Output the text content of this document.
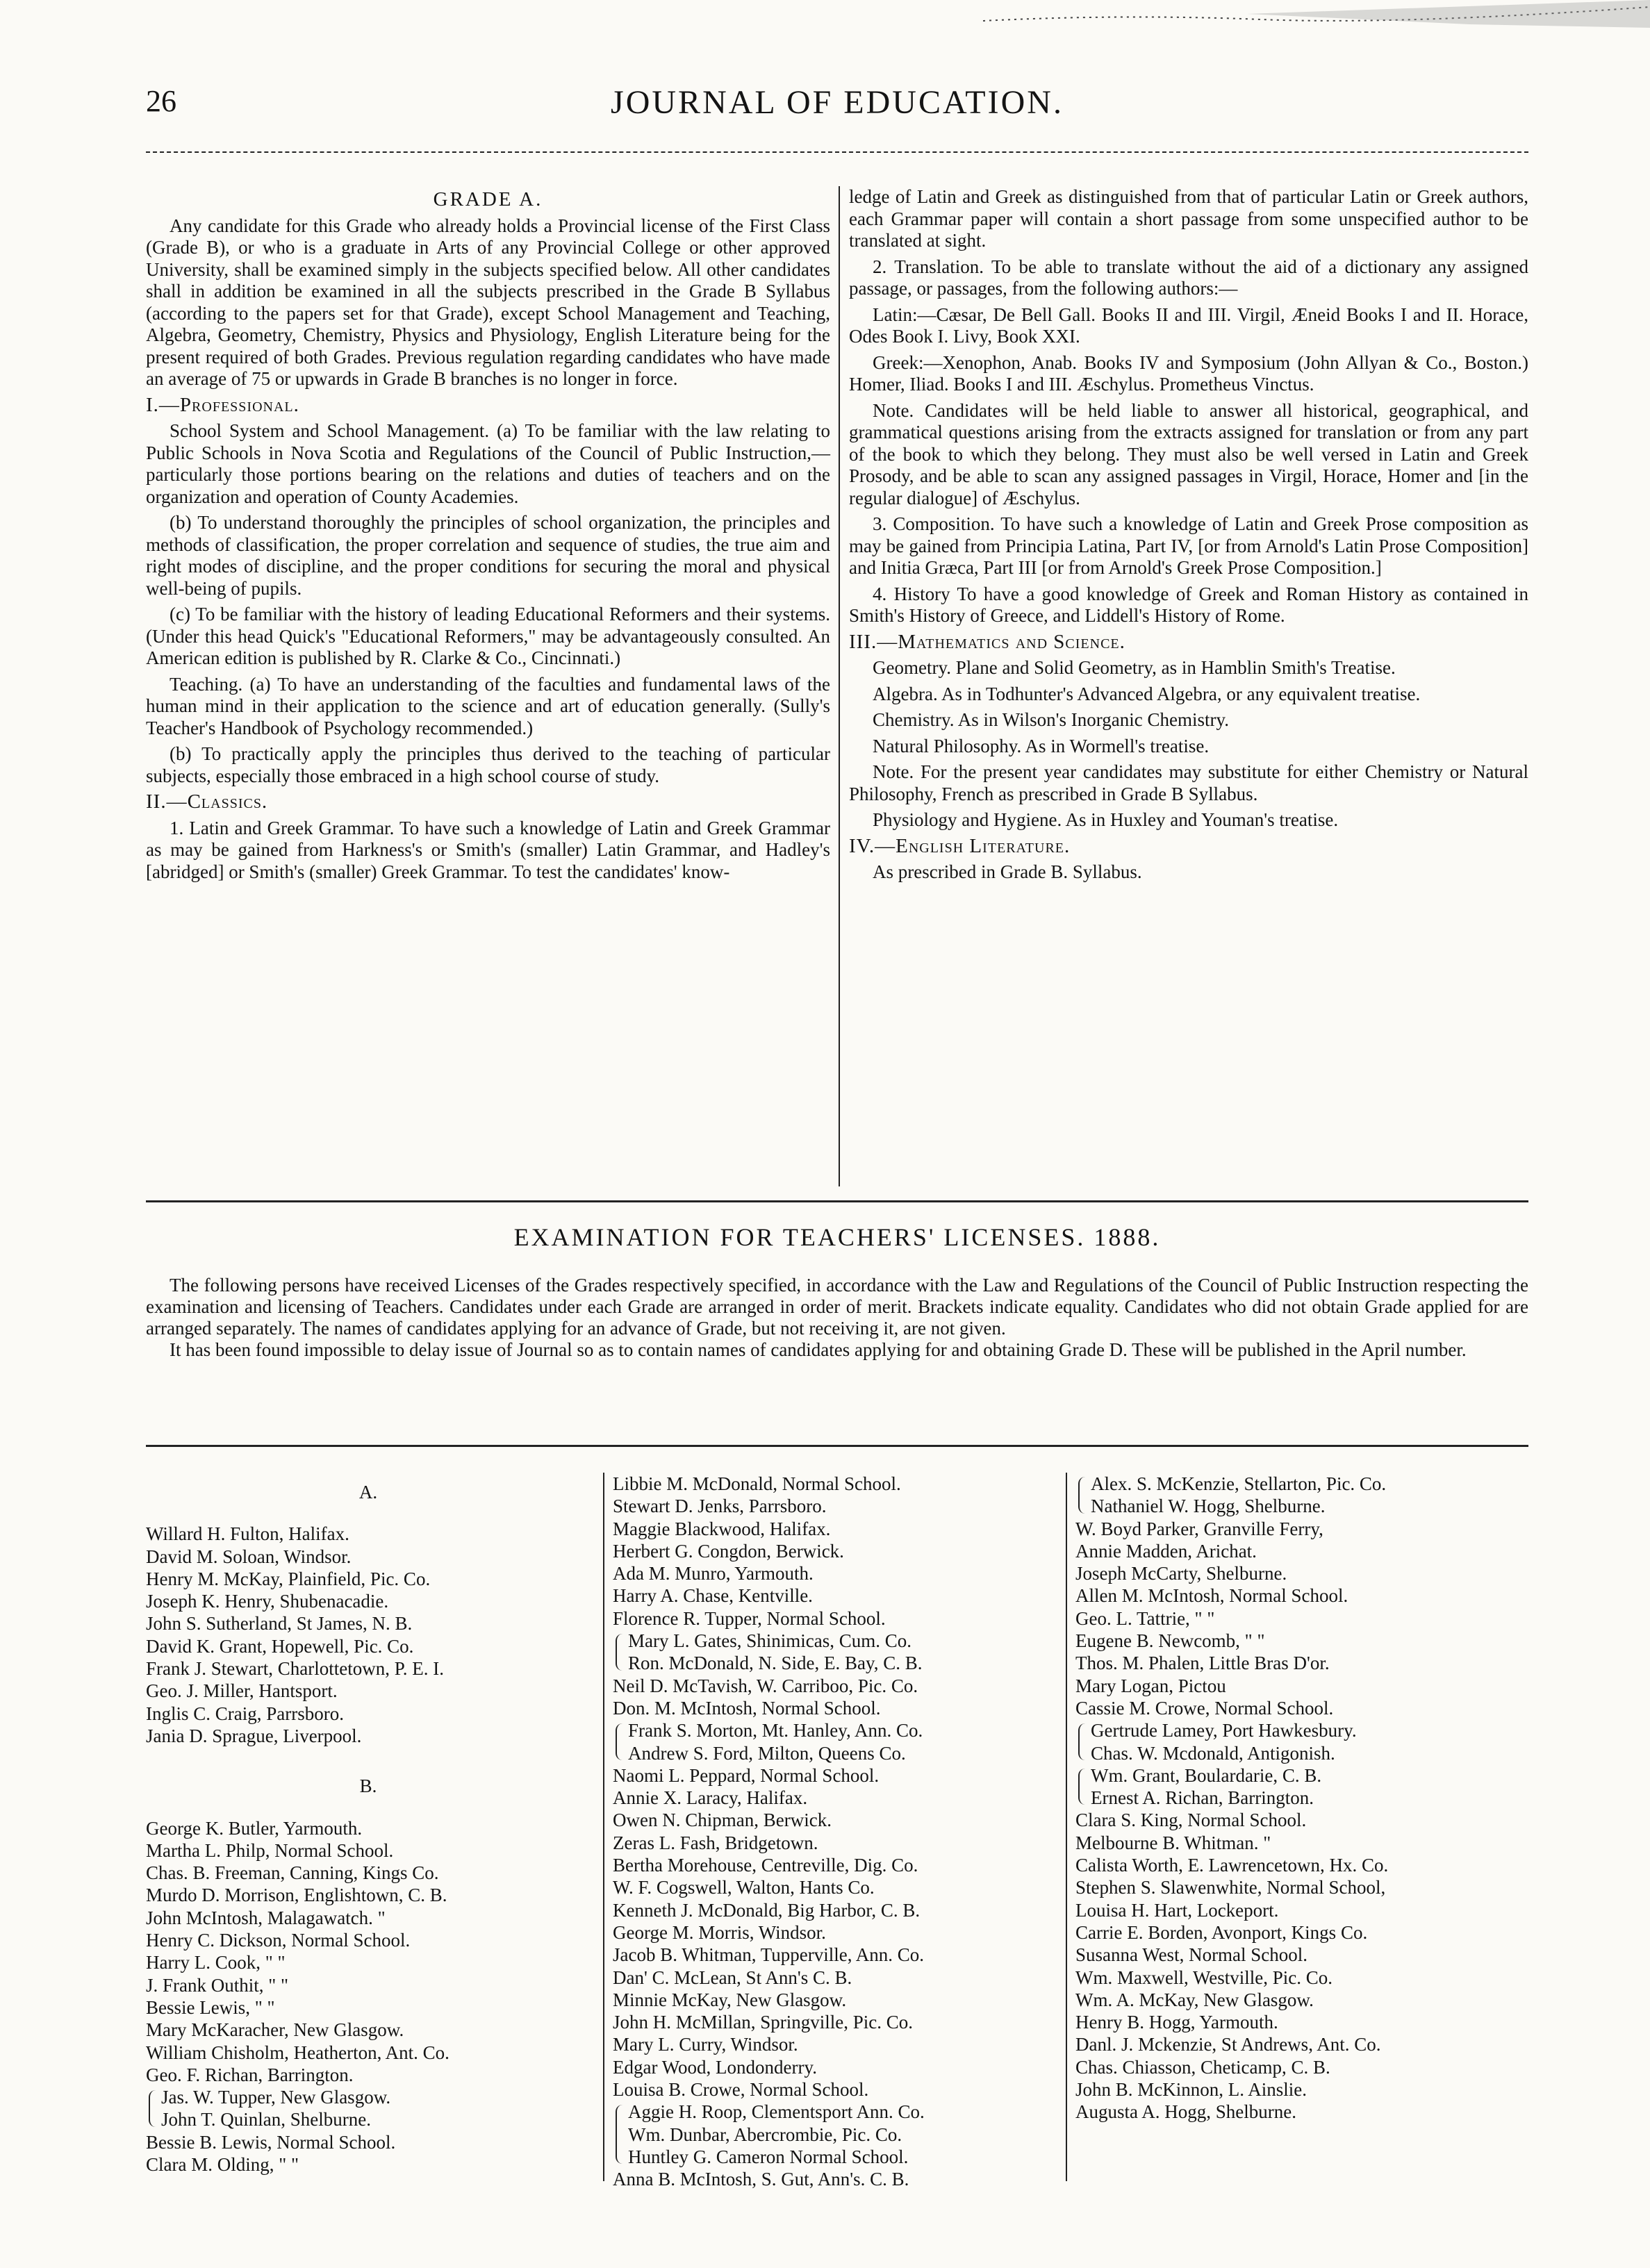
26	JOURNAL OF EDUCATION.
GRADE A.

Any candidate for this Grade who already holds a Provincial license of the First Class (Grade B), or who is a graduate in Arts of any Provincial College or other approved University, shall be examined simply in the subjects specified below. All other candidates shall in addition be examined in all the subjects prescribed in the Grade B Syllabus (according to the papers set for that Grade), except School Management and Teaching, Algebra, Geometry, Chemistry, Physics and Physiology, English Literature being for the present required of both Grades. Previous regulation regarding candidates who have made an average of 75 or upwards in Grade B branches is no longer in force.

I.—Professional.

School System and School Management. (a) To be familiar with the law relating to Public Schools in Nova Scotia and Regulations of the Council of Public Instruction,—particularly those portions bearing on the relations and duties of teachers and on the organization and operation of County Academies.

(b) To understand thoroughly the principles of school organization, the principles and methods of classification, the proper correlation and sequence of studies, the true aim and right modes of discipline, and the proper conditions for securing the moral and physical well-being of pupils.

(c) To be familiar with the history of leading Educational Reformers and their systems. (Under this head Quick's "Educational Reformers," may be advantageously consulted. An American edition is published by R. Clarke & Co., Cincinnati.)

Teaching. (a) To have an understanding of the faculties and fundamental laws of the human mind in their application to the science and art of education generally. (Sully's Teacher's Handbook of Psychology recommended.)

(b) To practically apply the principles thus derived to the teaching of particular subjects, especially those embraced in a high school course of study.

II.—Classics.

1. Latin and Greek Grammar. To have such a knowledge of Latin and Greek Grammar as may be gained from Harkness's or Smith's (smaller) Latin Grammar, and Hadley's [abridged] or Smith's (smaller) Greek Grammar. To test the candidates' know-

ledge of Latin and Greek as distinguished from that of particular Latin or Greek authors, each Grammar paper will contain a short passage from some unspecified author to be translated at sight.

2. Translation. To be able to translate without the aid of a dictionary any assigned passage, or passages, from the following authors:—

Latin:—Cæsar, De Bell Gall. Books II and III. Virgil, Æneid Books I and II. Horace, Odes Book I. Livy, Book XXI.

Greek:—Xenophon, Anab. Books IV and Symposium (John Allyan & Co., Boston.) Homer, Iliad. Books I and III. Æschylus. Prometheus Vinctus.

Note. Candidates will be held liable to answer all historical, geographical, and grammatical questions arising from the extracts assigned for translation or from any part of the book to which they belong. They must also be well versed in Latin and Greek Prosody, and be able to scan any assigned passages in Virgil, Horace, Homer and [in the regular dialogue] of Æschylus.

3. Composition. To have such a knowledge of Latin and Greek Prose composition as may be gained from Principia Latina, Part IV, [or from Arnold's Latin Prose Composition] and Initia Græca, Part III [or from Arnold's Greek Prose Composition.]

4. History To have a good knowledge of Greek and Roman History as contained in Smith's History of Greece, and Liddell's History of Rome.

III.—Mathematics and Science.

Geometry. Plane and Solid Geometry, as in Hamblin Smith's Treatise.

Algebra. As in Todhunter's Advanced Algebra, or any equivalent treatise.

Chemistry. As in Wilson's Inorganic Chemistry.

Natural Philosophy. As in Wormell's treatise.

Note. For the present year candidates may substitute for either Chemistry or Natural Philosophy, French as prescribed in Grade B Syllabus.

Physiology and Hygiene. As in Huxley and Youman's treatise.

IV.—English Literature.

As prescribed in Grade B. Syllabus.

EXAMINATION FOR TEACHERS' LICENSES. 1888.

The following persons have received Licenses of the Grades respectively specified, in accordance with the Law and Regulations of the Council of Public Instruction respecting the examination and licensing of Teachers. Candidates under each Grade are arranged in order of merit. Brackets indicate equality. Candidates who did not obtain Grade applied for are arranged separately. The names of candidates applying for an advance of Grade, but not receiving it, are not given.

It has been found impossible to delay issue of Journal so as to contain names of candidates applying for and obtaining Grade D. These will be published in the April number.

A.
Willard H. Fulton, Halifax.
David M. Soloan, Windsor.
Henry M. McKay, Plainfield, Pic. Co.
Joseph K. Henry, Shubenacadie.
John S. Sutherland, St James, N. B.
David K. Grant, Hopewell, Pic. Co.
Frank J. Stewart, Charlottetown, P. E. I.
Geo. J. Miller, Hantsport.
Inglis C. Craig, Parrsboro.
Jania D. Sprague, Liverpool.
B.
George K. Butler, Yarmouth.
Martha L. Philp, Normal School.
Chas. B. Freeman, Canning, Kings Co.
Murdo D. Morrison, Englishtown, C. B.
John McIntosh, Malagawatch. "
Henry C. Dickson, Normal School.
Harry L. Cook, " "
J. Frank Outhit, " "
Bessie Lewis, " "
Mary McKaracher, New Glasgow.
William Chisholm, Heatherton, Ant. Co.
Geo. F. Richan, Barrington.
Jas. W. Tupper, New Glasgow.
John T. Quinlan, Shelburne.
Bessie B. Lewis, Normal School.
Clara M. Olding, " "
Libbie M. McDonald, Normal School.
Stewart D. Jenks, Parrsboro.
Maggie Blackwood, Halifax.
Herbert G. Congdon, Berwick.
Ada M. Munro, Yarmouth.
Harry A. Chase, Kentville.
Florence R. Tupper, Normal School.
Mary L. Gates, Shinimicas, Cum. Co.
Ron. McDonald, N. Side, E. Bay, C. B.
Neil D. McTavish, W. Carriboo, Pic. Co.
Don. M. McIntosh, Normal School.
Frank S. Morton, Mt. Hanley, Ann. Co.
Andrew S. Ford, Milton, Queens Co.
Naomi L. Peppard, Normal School.
Annie X. Laracy, Halifax.
Owen N. Chipman, Berwick.
Zeras L. Fash, Bridgetown.
Bertha Morehouse, Centreville, Dig. Co.
W. F. Cogswell, Walton, Hants Co.
Kenneth J. McDonald, Big Harbor, C. B.
George M. Morris, Windsor.
Jacob B. Whitman, Tupperville, Ann. Co.
Dan' C. McLean, St Ann's C. B.
Minnie McKay, New Glasgow.
John H. McMillan, Springville, Pic. Co.
Mary L. Curry, Windsor.
Edgar Wood, Londonderry.
Louisa B. Crowe, Normal School.
Aggie H. Roop, Clementsport Ann. Co.
Wm. Dunbar, Abercrombie, Pic. Co.
Huntley G. Cameron Normal School.
Anna B. McIntosh, S. Gut, Ann's. C. B.
Alex. S. McKenzie, Stellarton, Pic. Co.
Nathaniel W. Hogg, Shelburne.
W. Boyd Parker, Granville Ferry,
Annie Madden, Arichat.
Joseph McCarty, Shelburne.
Allen M. McIntosh, Normal School.
Geo. L. Tattrie, " "
Eugene B. Newcomb, " "
Thos. M. Phalen, Little Bras D'or.
Mary Logan, Pictou
Cassie M. Crowe, Normal School.
Gertrude Lamey, Port Hawkesbury.
Chas. W. Mcdonald, Antigonish.
Wm. Grant, Boulardarie, C. B.
Ernest A. Richan, Barrington.
Clara S. King, Normal School.
Melbourne B. Whitman. "
Calista Worth, E. Lawrencetown, Hx. Co.
Stephen S. Slawenwhite, Normal School,
Louisa H. Hart, Lockeport.
Carrie E. Borden, Avonport, Kings Co.
Susanna West, Normal School.
Wm. Maxwell, Westville, Pic. Co.
Wm. A. McKay, New Glasgow.
Henry B. Hogg, Yarmouth.
Danl. J. Mckenzie, St Andrews, Ant. Co.
Chas. Chiasson, Cheticamp, C. B.
John B. McKinnon, L. Ainslie.
Augusta A. Hogg, Shelburne.
